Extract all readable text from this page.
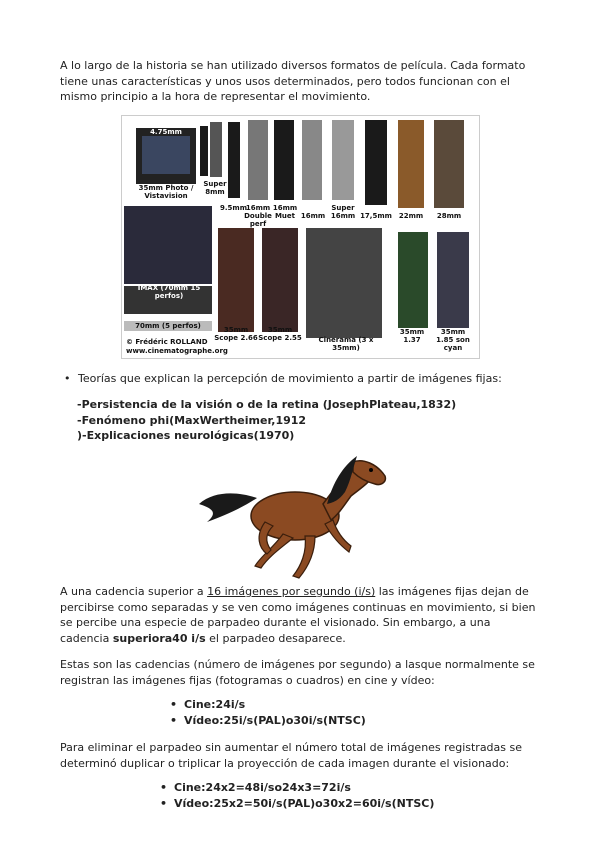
A lo largo de la historia se han utilizado diversos formatos de película. Cada formato tiene unas características y unos usos determinados, pero todos funcionan con el mismo principio a la hora de representar el movimiento.
4.75mm
35mm Photo / Vistavision
Super 8mm
9.5mm
16mm Double perf
16mm Muet 16mm
Super 16mm 17,5mm 22mm	28mm
IMAX (70mm 15 perfos)
70mm (5 perfos)	35mm Scope 2.66
35mm Scope 2.55 Cinerama (3 x 35mm)
35mm 1.37
35mm 1.85 son cyan
© Frédéric ROLLAND
www.cinematographe.org
• Teorías que explican la percepción de movimiento a partir de imágenes fijas:
-Persistencia de la visión o de la retina (JosephPlateau,1832)
-Fenómeno phi(MaxWertheimer,1912
)-Explicaciones neurológicas(1970)
A una cadencia superior a 16 imágenes por segundo (i/s) las imágenes fijas dejan de percibirse como separadas y se ven como imágenes continuas en movimiento, si bien se percibe una especie de parpadeo durante el visionado. Sin embargo, a una cadencia superiora40 i/s el parpadeo desaparece.
Estas son las cadencias (número de imágenes por segundo) a lasque normalmente se registran las imágenes fijas (fotogramas o cuadros) en cine y vídeo:
• Cine:24i/s
• Vídeo:25i/s(PAL)o30i/s(NTSC)
Para eliminar el parpadeo sin aumentar el número total de imágenes registradas se determinó duplicar o triplicar la proyección de cada imagen durante el visionado:
• Cine:24x2=48i/so24x3=72i/s
• Vídeo:25x2=50i/s(PAL)o30x2=60i/s(NTSC)
